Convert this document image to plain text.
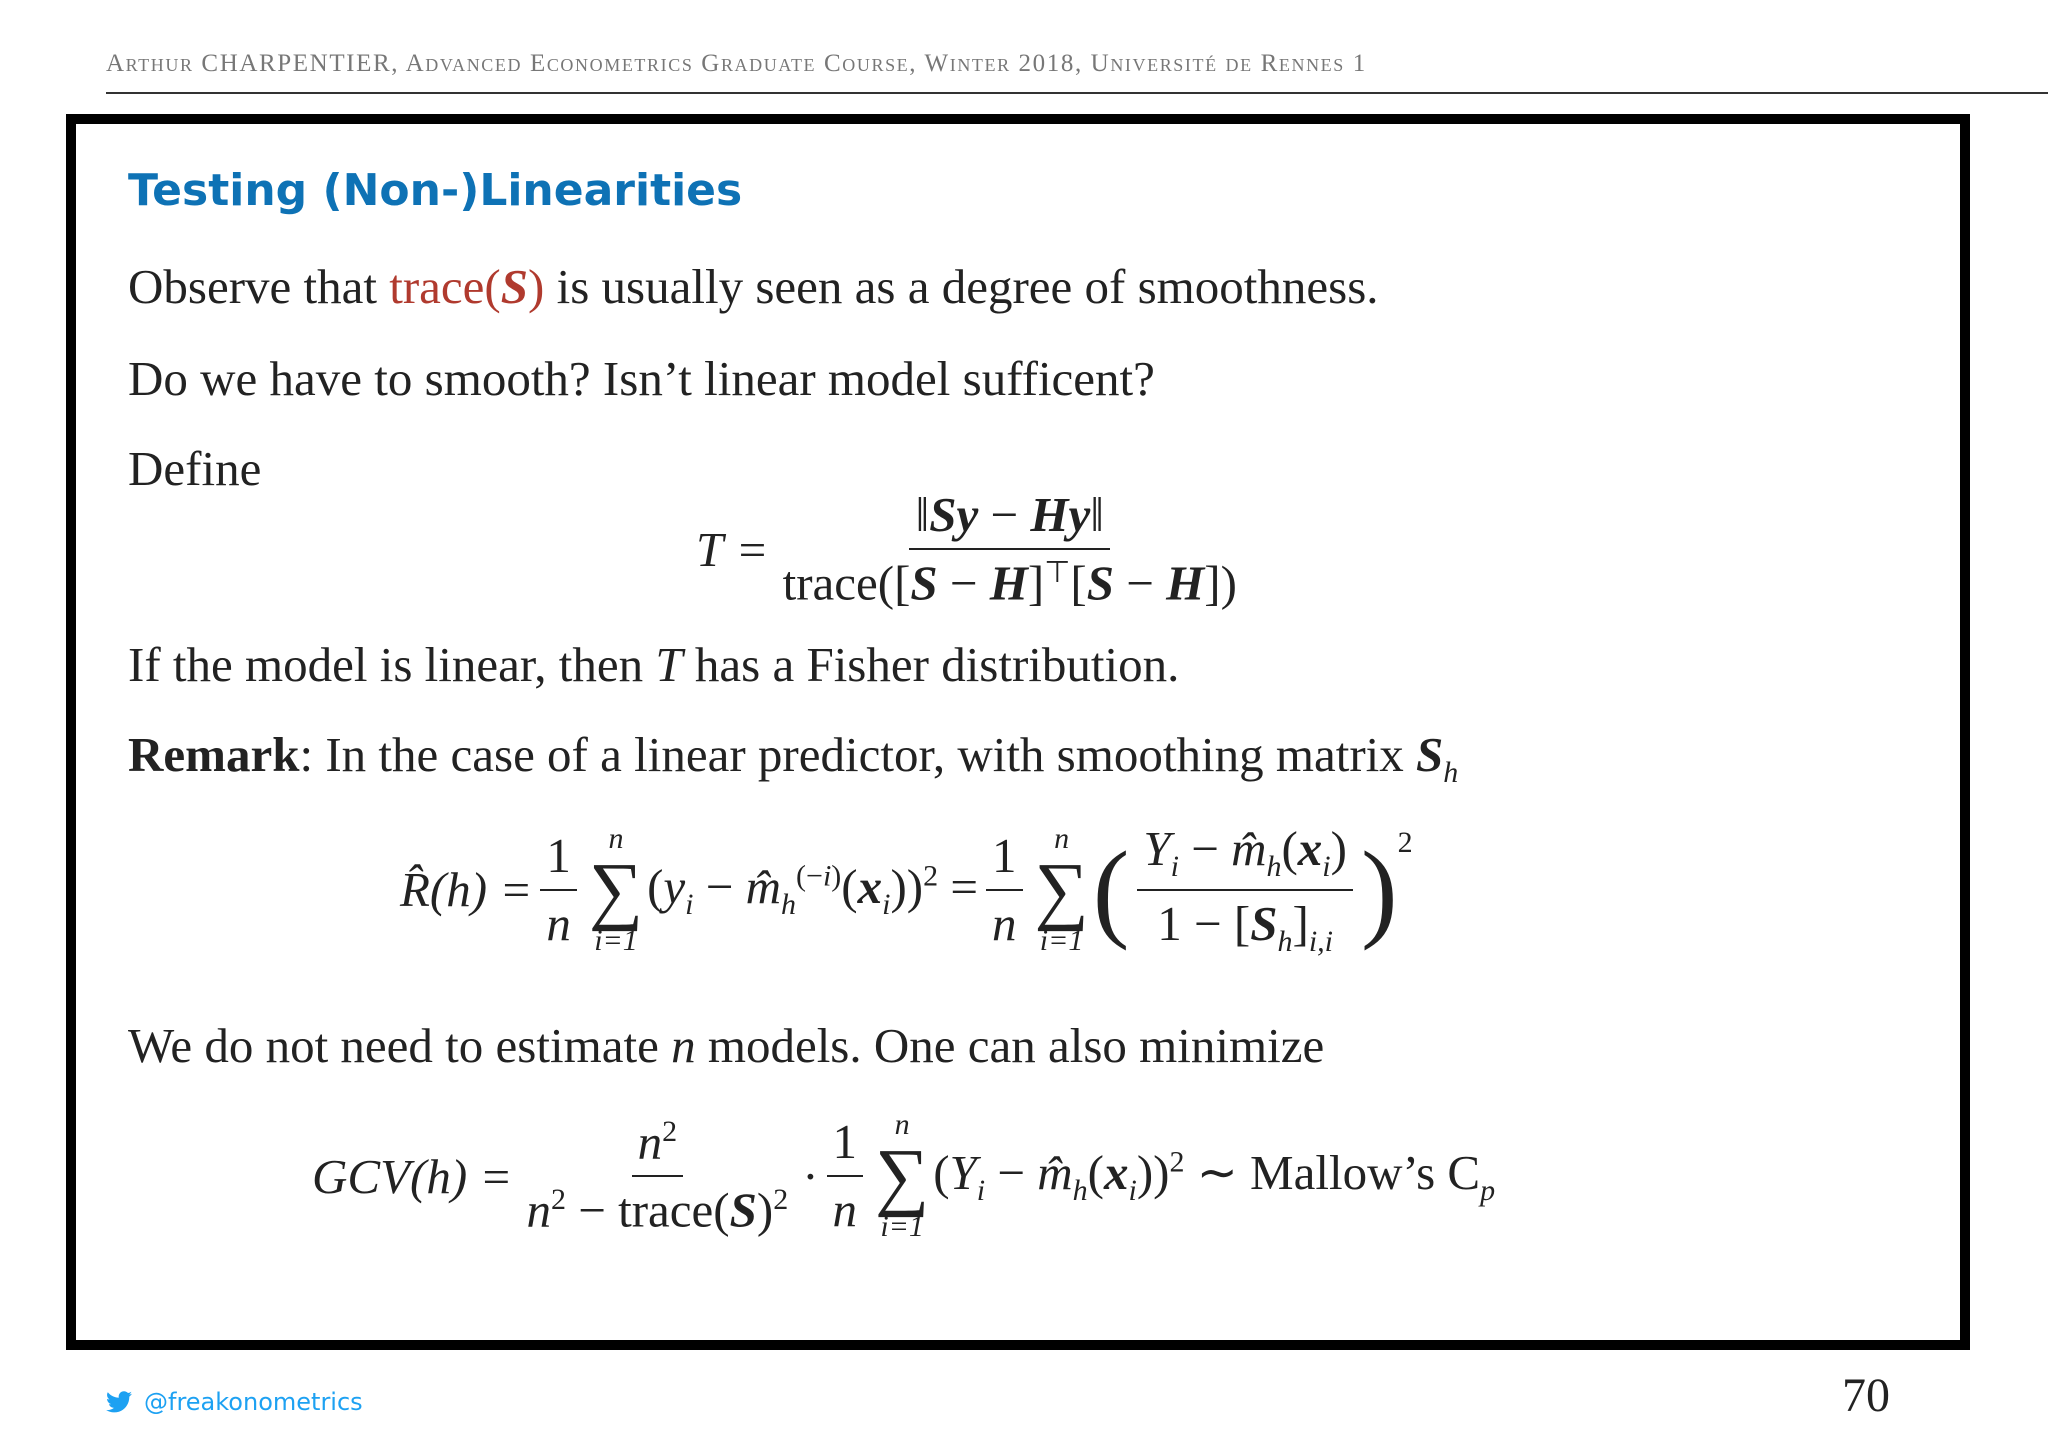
Arthur CHARPENTIER, Advanced Econometrics Graduate Course, Winter 2018, Université de Rennes 1
Testing (Non-)Linearities
Observe that trace(S) is usually seen as a degree of smoothness.
Do we have to smooth? Isn’t linear model sufficent?
Define
$T = \frac{‖Sy - Hy‖}{trace([S - H]^⊤[S - H])}$
If the model is linear, then T has a Fisher distribution.
Remark: In the case of a linear predictor, with smoothing matrix $S_h$
R̂(h) = $\frac{1}{n}$ n
∑
i=1
($y_i$ − $m̂_h^{(-i)}(x_i))^2 = \frac{1}{n}$ n
∑
i=1 ( $\frac{Y_i - m̂_h(x_i)}{1 - [S_h]_{i,i}} )^2$
We do not need to estimate n models. One can also minimize
$GCV(h) = \frac{n^2}{n^2 - trace(S)^2} \cdot \frac{1}{n}$ n
∑
i=1
($Y_i$ − $m̂_h(x_i))^2$ ∼ Mallow’s $C_p$
@freakonometrics	70
